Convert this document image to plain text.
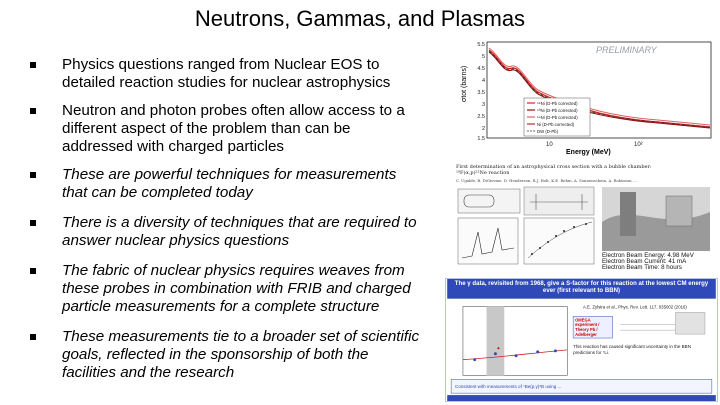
Neutrons, Gammas, and Plasmas
Physics questions ranged from Nuclear EOS to detailed reaction studies for nuclear astrophysics
Neutron and photon probes often allow access to a different aspect of the problem than can be addressed with charged particles
These are powerful techniques for measurements that can be completed today
There is a diversity of techniques that are required to answer nuclear physics questions
The fabric of nuclear physics requires weaves from these probes in combination with FRIB and charged particle measurements for a complete structure
These measurements tie to a broader set of scientific goals, reflected in the sponsorship of both the facilities and the research
σtot (barns)
5.5
5
4.5
4
3.5
3
2.5
2
1.5
10	10²
Energy (MeV)
PRELIMINARY
⁵⁸Ni (D-Pb corrected)
⁶⁰Ni (D-Pb corrected)
⁶⁴Ni (D-Pb corrected)
Ni (D-Pb corrected)
DW (D-Pb)
First determination of an astrophysical cross section with a bubble chamber:
¹⁹F(α,p)²²Ne reaction
C. Ugalde, B. DiGiovine, D. Henderson, R.J. Holt, K.E. Rehm, A. Sonnenschein, A. Robinson, ...
Electron Beam Energy: 4.98 MeV
Electron Beam Current: 41 mA
Electron Beam Time: 8 hours
The γ data, revisited from 1968, give a S-factor for this reaction at the lowest CM energy ever (first relevant to BBN)
✦
A.E. Zylstra et al., Phys. Rev. Lett. 117, 035002 (2016)
OMEGA experiment / Theory Pb / Adelberger
This reaction has caused significant uncertainty in the BBN predictions for ⁷Li.
Consistent with measurements of ⁷Be(p,γ)⁸B using ...
